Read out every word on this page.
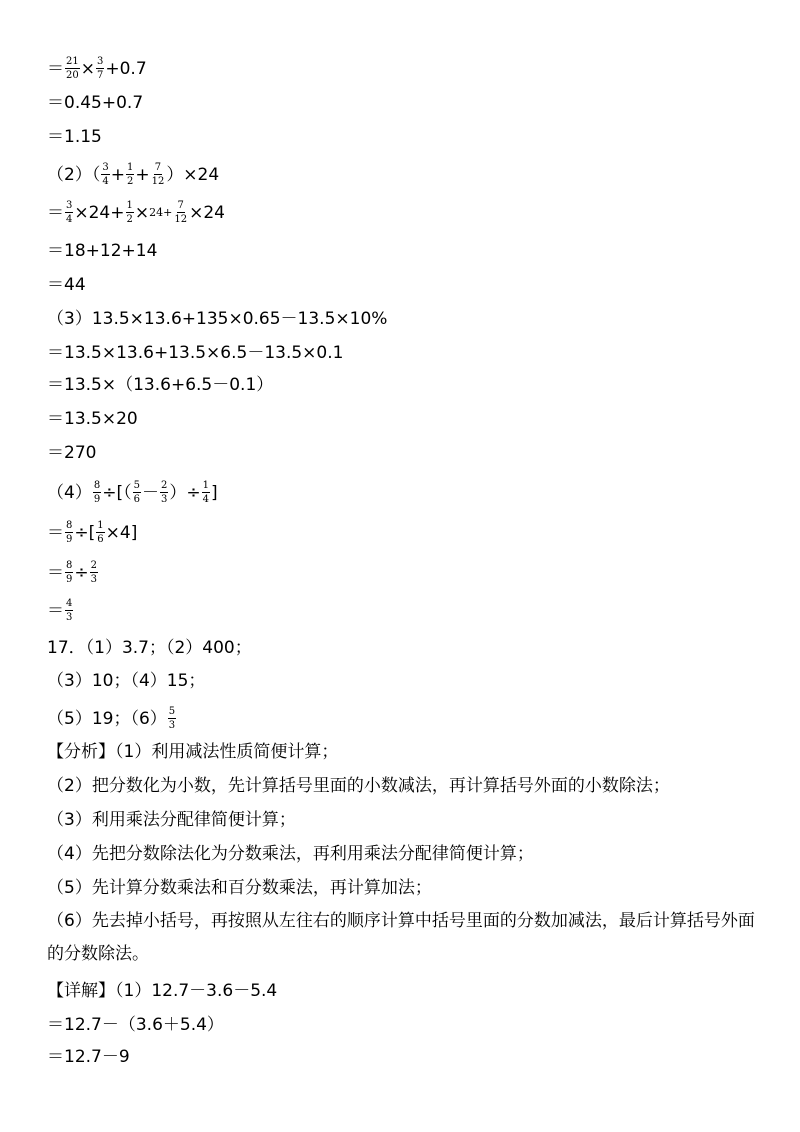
＝ $\frac{21}{20} \times \frac{3}{7} +0.7$
＝0.45+0.7
＝1.15
$(2)( \frac{3}{4} + \frac{1}{2} + \frac{7}{12} )\times 24$
＝ $\frac{3}{4} \times 24+ \frac{1}{2} \times 24+ \frac{7}{12} \times 24$
＝18+12+14
＝44
（3）13.5×13.6+135×0.65－13.5×10%
＝13.5×13.6+13.5×6.5－13.5×0.1
＝13.5×（13.6+6.5－0.1）
＝13.5×20
＝270
$(4) \frac{8}{9}$ ÷[（ $\frac{5}{6} - \frac{2}{3}$ ）÷ $\frac{1}{4}$ ]
＝ $\frac{8}{9}$ ÷[ $\frac{1}{6} \times 4$]
＝ $\frac{8}{9} \div \frac{2}{3}$
＝ $\frac{4}{3}$
17．（1）3.7；（2）400；
（3）10；（4）15；
（5）19；$(6) \frac{5}{3}$
【分析】（1）利用减法性质简便计算；
（2）把分数化为小数，先计算括号里面的小数减法，再计算括号外面的小数除法；
（3）利用乘法分配律简便计算；
（4）先把分数除法化为分数乘法，再利用乘法分配律简便计算；
（5）先计算分数乘法和百分数乘法，再计算加法；
（6）先去掉小括号，再按照从左往右的顺序计算中括号里面的分数加减法，最后计算括号外面的分数除法。
【详解】（1）12.7－3.6－5.4
＝12.7－（3.6＋5.4）
＝12.7－9
